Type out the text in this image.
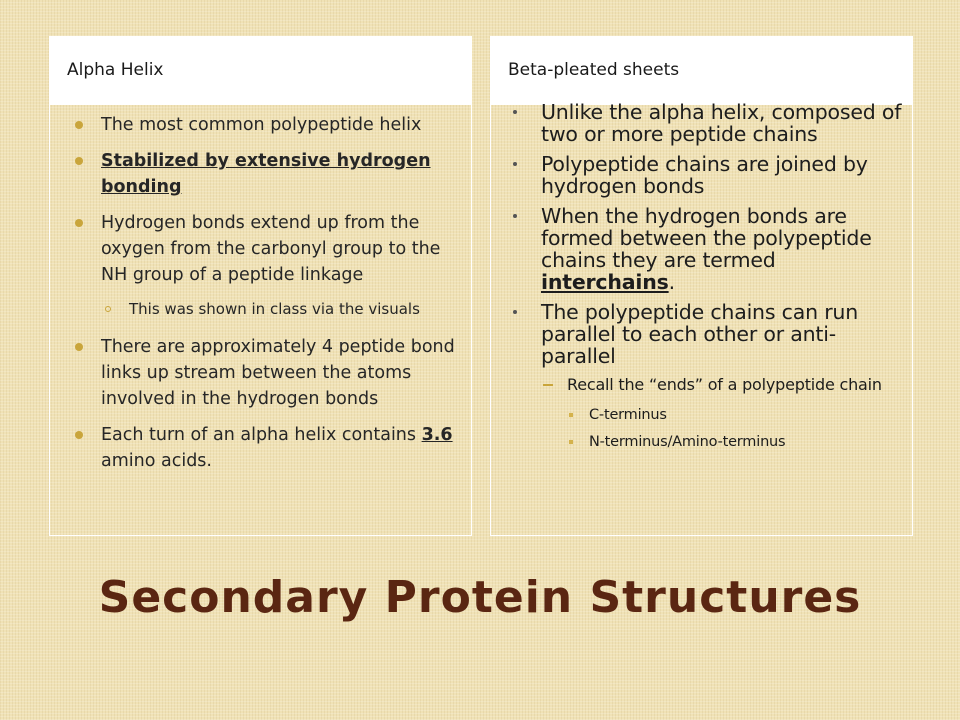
Alpha Helix	Beta-pleated sheets
The most common polypeptide helix
Stabilized by extensive hydrogen bonding
Hydrogen bonds extend up from the oxygen from the carbonyl group to the NH group of a peptide linkage
This was shown in class via the visuals
There are approximately 4 peptide bond links up stream between the atoms involved in the hydrogen bonds
Each turn of an alpha helix contains 3.6 amino acids.
Unlike the alpha helix, composed of two or more peptide chains
Polypeptide chains are joined by hydrogen bonds
When the hydrogen bonds are formed between the polypeptide chains they are termed interchains.
The polypeptide chains can run parallel to each other or anti-parallel
Recall the “ends” of a polypeptide chain
C-terminus
N-terminus/Amino-terminus
Secondary Protein Structures
